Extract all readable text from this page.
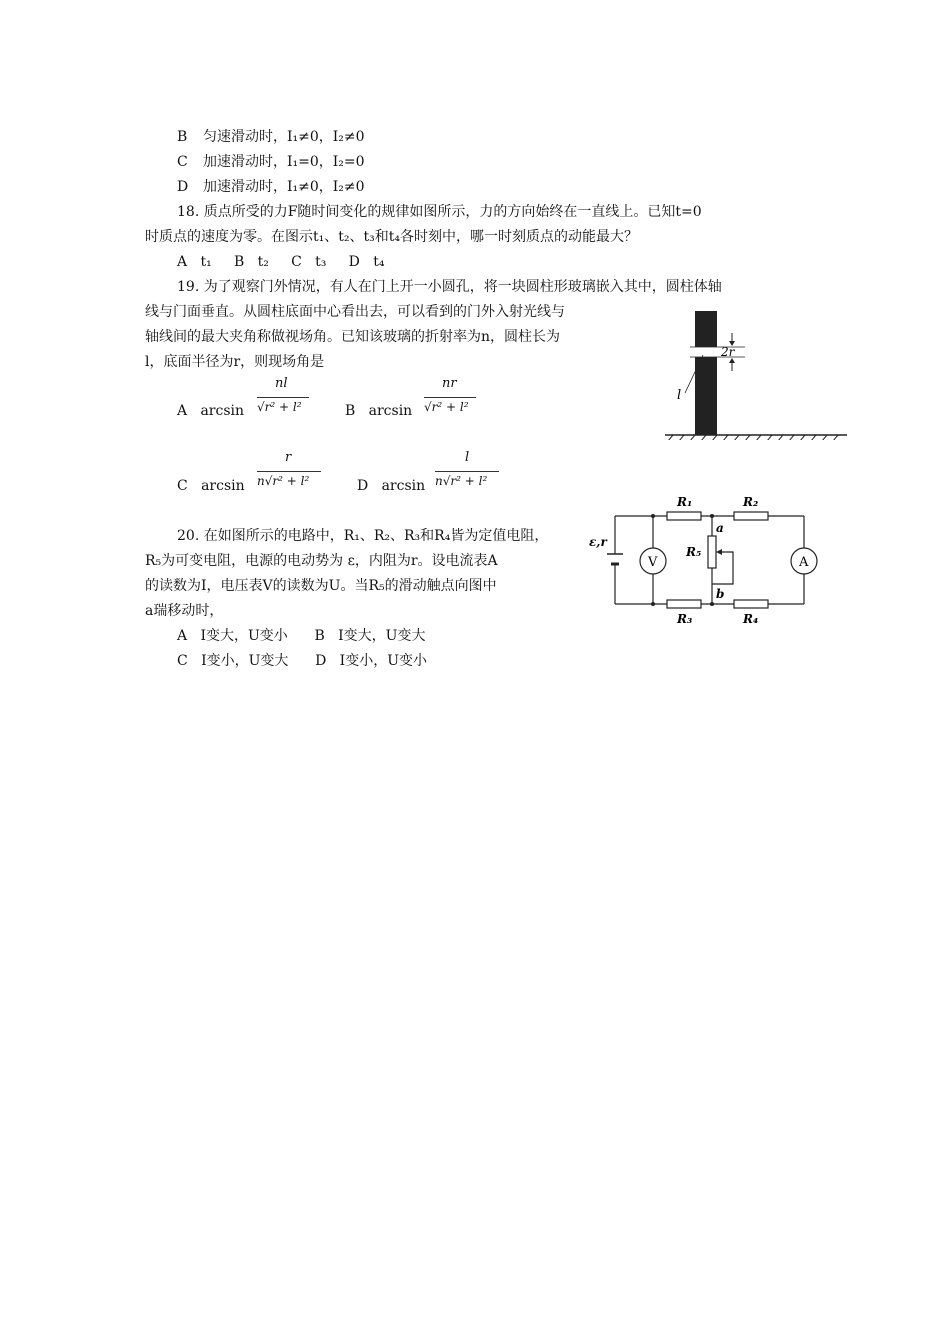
B 匀速滑动时，I₁≠0，I₂≠0
C 加速滑动时，I₁=0，I₂=0
D 加速滑动时，I₁≠0，I₂≠0
18. 质点所受的力F随时间变化的规律如图所示，力的方向始终在一直线上。已知t=0
时质点的速度为零。在图示t₁、t₂、t₃和t₄各时刻中，哪一时刻质点的动能最大？
A   t₁     B   t₂     C   t₃     D   t₄
19. 为了观察门外情况，有人在门上开一小圆孔，将一块圆柱形玻璃嵌入其中，圆柱体轴
线与门面垂直。从圆柱底面中心看出去，可以看到的门外入射光线与
轴线间的最大夹角称做视场角。已知该玻璃的折射率为n，圆柱长为
l，底面半径为r，则现场角是
A   arcsin
nl
√r² + l²	B   arcsin
nr
√r² + l²
C   arcsin
r
n√r² + l²	D   arcsin
l
n√r² + l²
2r
l
20. 在如图所示的电路中，R₁、R₂、R₃和R₄皆为定值电阻，
R₅为可变电阻，电源的电动势为 ε，内阻为r。设电流表A
的读数为I，电压表V的读数为U。当R₅的滑动触点向图中
a瑞移动时，
A   I变大，U变小      B   I变大，U变大
C   I变小，U变大      D   I变小，U变小
R₁	R₂
R₃	R₄
R₅
ε,r
V	A
a
b
